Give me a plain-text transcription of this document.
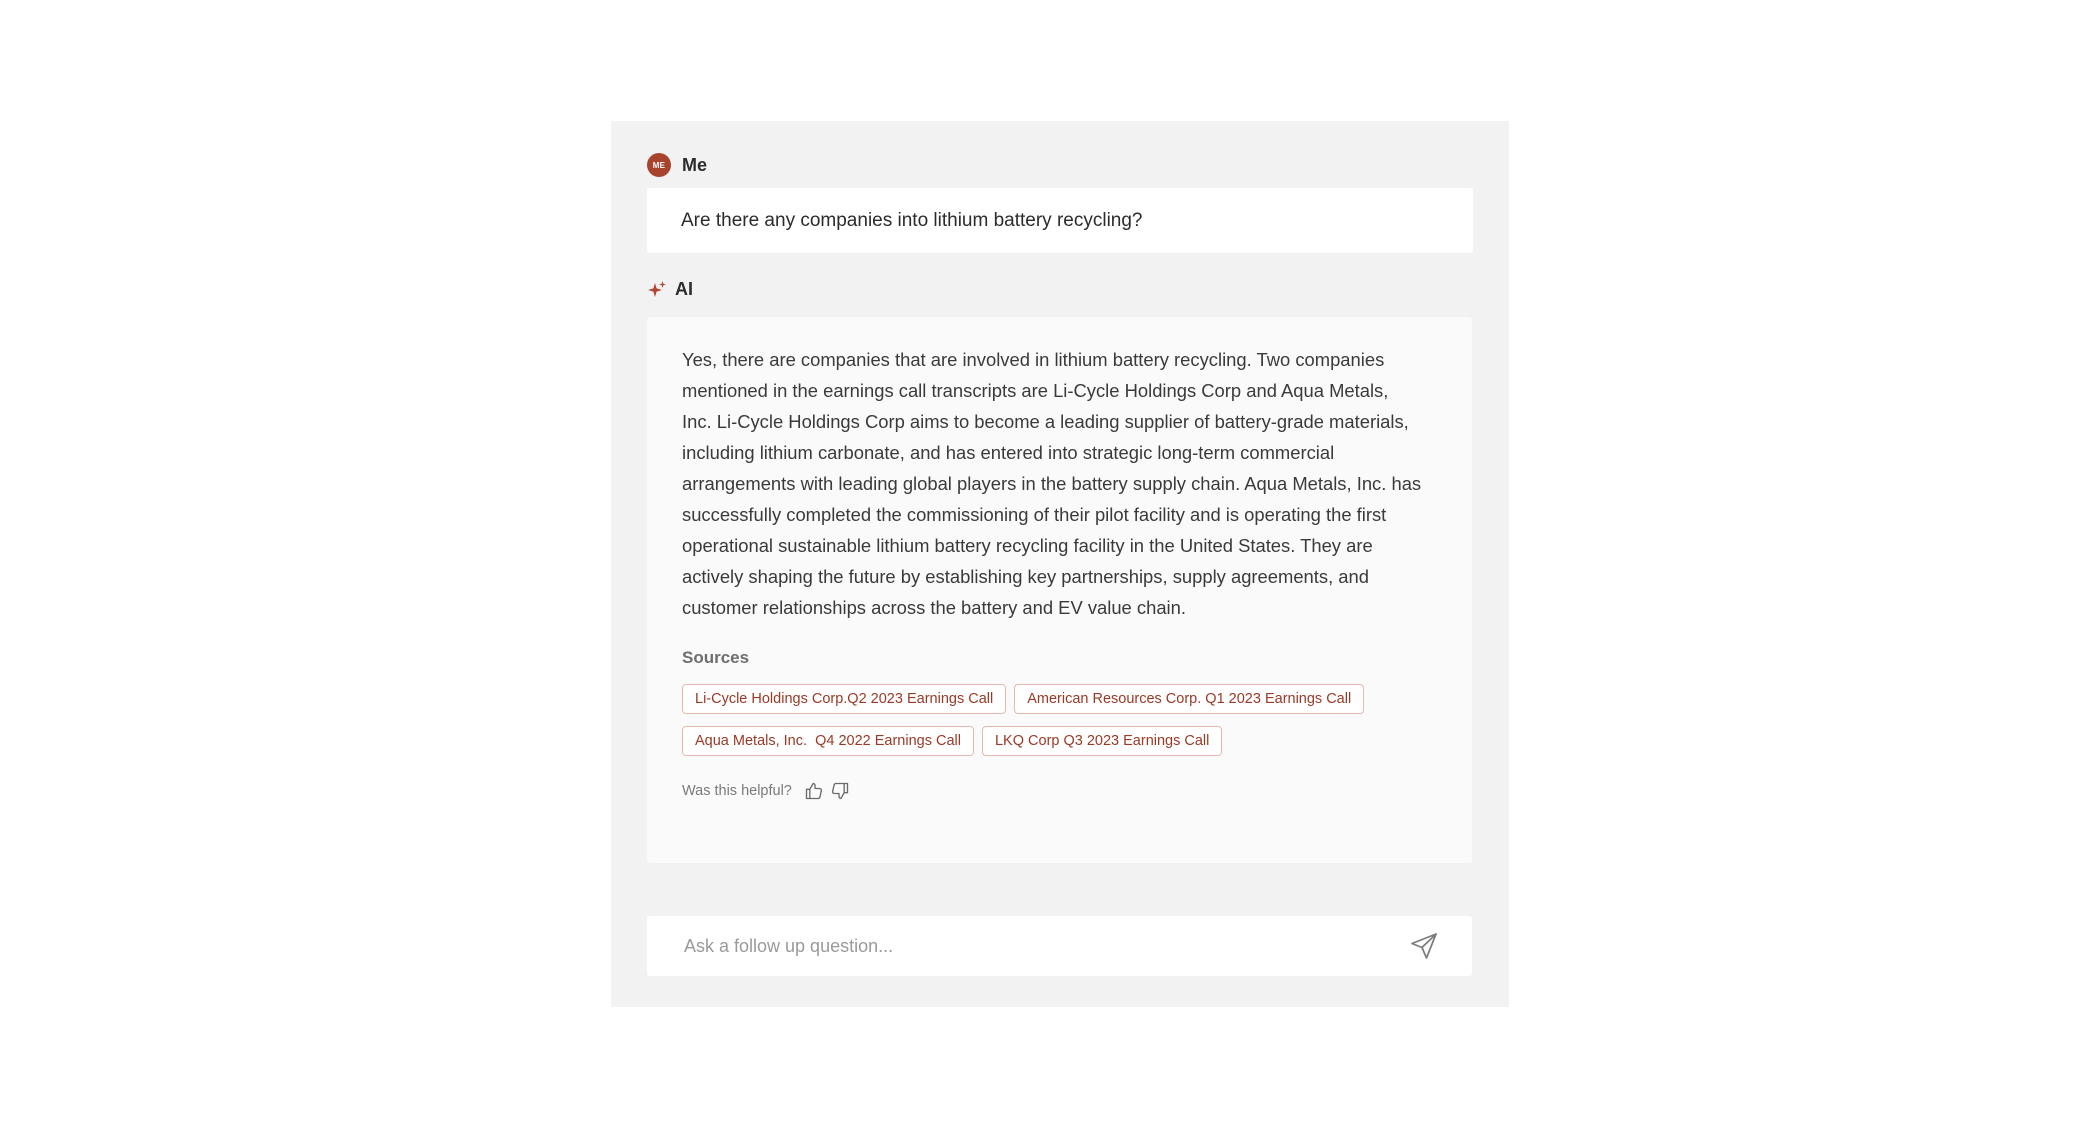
ME Me
Are there any companies into lithium battery recycling?
AI

Yes, there are companies that are involved in lithium battery recycling. Two companies mentioned in the earnings call transcripts are Li-Cycle Holdings Corp and Aqua Metals, Inc. Li-Cycle Holdings Corp aims to become a leading supplier of battery-grade materials, including lithium carbonate, and has entered into strategic long-term commercial arrangements with leading global players in the battery supply chain. Aqua Metals, Inc. has successfully completed the commissioning of their pilot facility and is operating the first operational sustainable lithium battery recycling facility in the United States. They are actively shaping the future by establishing key partnerships, supply agreements, and customer relationships across the battery and EV value chain.

Sources
Li-Cycle Holdings Corp.Q2 2023 Earnings Call American Resources Corp. Q1 2023 Earnings Call
Aqua Metals, Inc.  Q4 2022 Earnings Call LKQ Corp Q3 2023 Earnings Call
Was this helpful?
Ask a follow up question...
